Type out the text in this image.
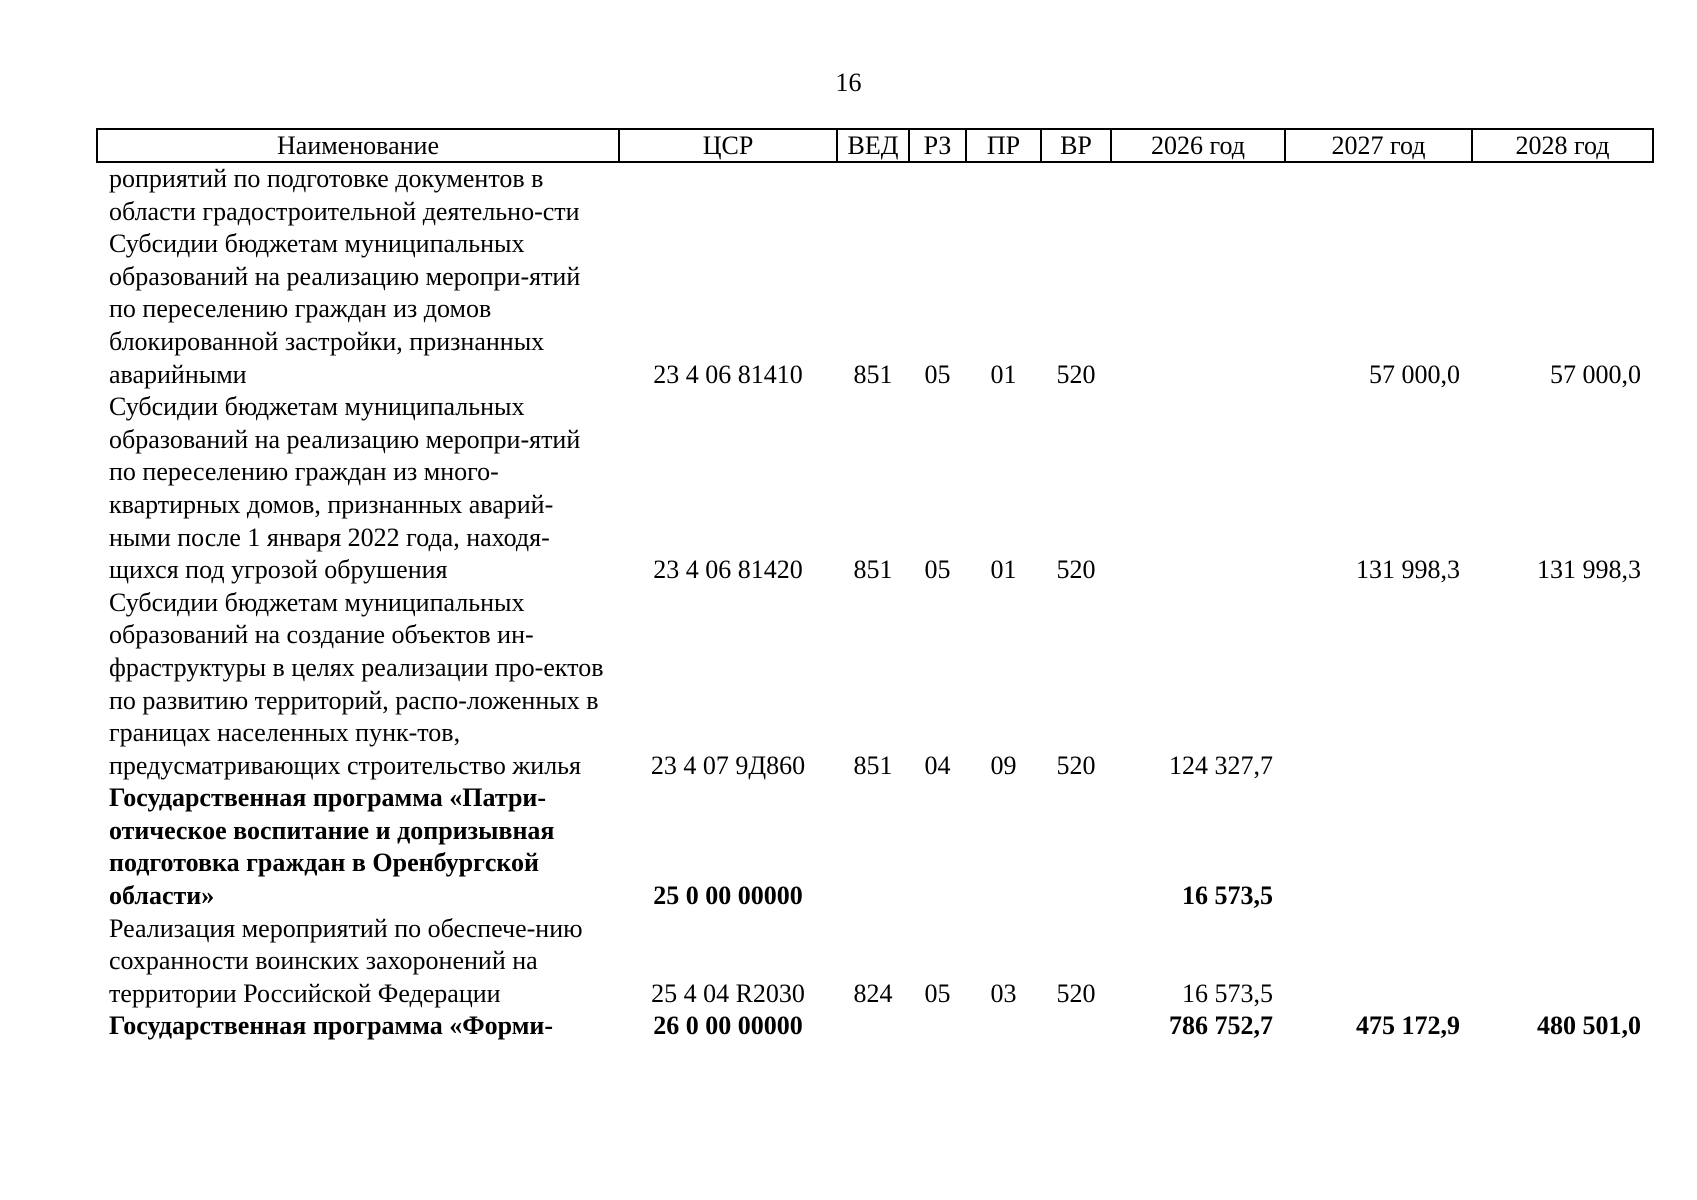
16
Наименование	ЦСР	ВЕД	РЗ	ПР	ВР	2026 год	2027 год	2028 год
роприятий по подготовке документов в области градостроительной деятельно-сти								
Субсидии бюджетам муниципальных образований на реализацию меропри-ятий по переселению граждан из домов блокированной застройки, признанных аварийными	23 4 06 81410	851	05	01	520		57 000,0	57 000,0
Субсидии бюджетам муниципальных образований на реализацию меропри-ятий по переселению граждан из много-квартирных домов, признанных аварий-ными после 1 января 2022 года, находя-щихся под угрозой обрушения	23 4 06 81420	851	05	01	520		131 998,3	131 998,3
Субсидии бюджетам муниципальных образований на создание объектов ин-фраструктуры в целях реализации про-ектов по развитию территорий, распо-ложенных в границах населенных пунк-тов, предусматривающих строительство жилья	23 4 07 9Д860	851	04	09	520	124 327,7		
Государственная программа «Патри-отическое воспитание и допризывная подготовка граждан в Оренбургской области»	25 0 00 00000					16 573,5		
Реализация мероприятий по обеспече-нию сохранности воинских захоронений на территории Российской Федерации	25 4 04 R2030	824	05	03	520	16 573,5		
Государственная программа «Форми-	26 0 00 00000					786 752,7	475 172,9	480 501,0
